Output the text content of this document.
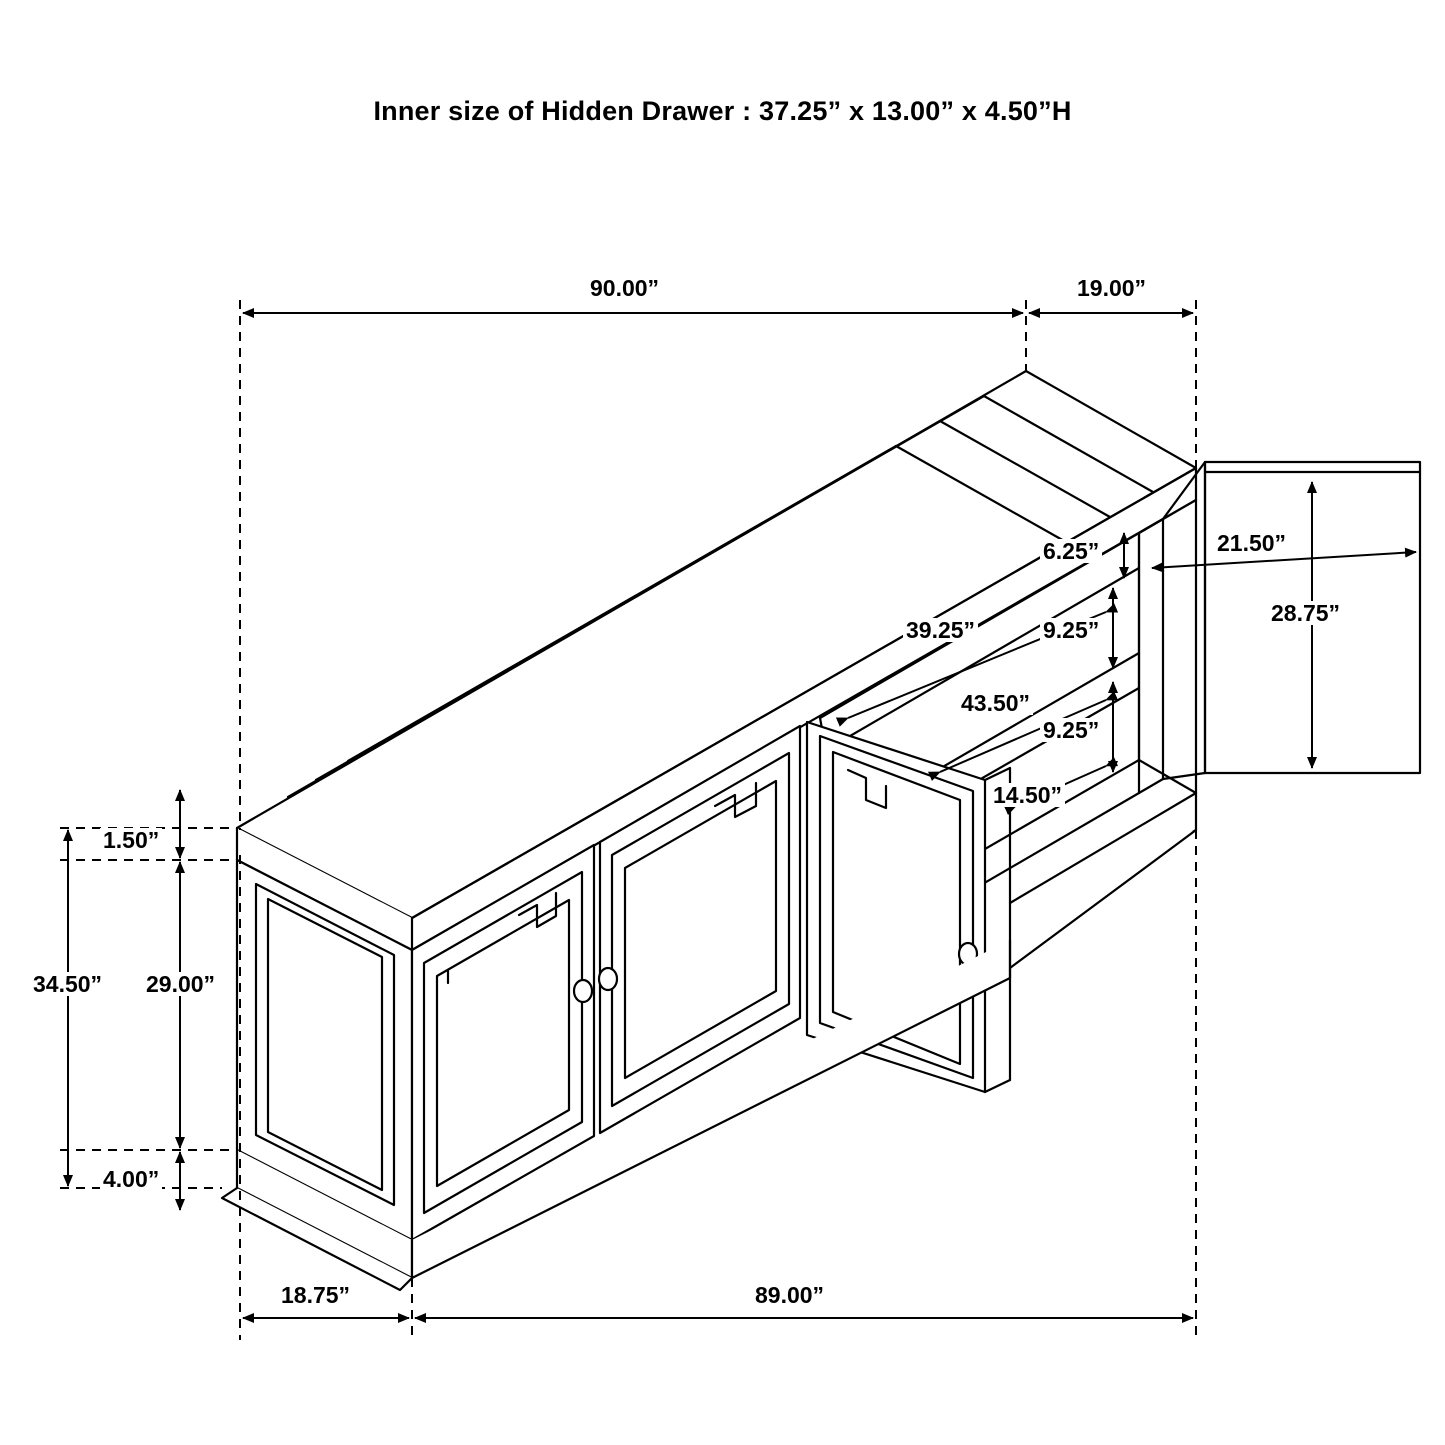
Inner size of Hidden Drawer : 37.25” x 13.00” x 4.50”H
90.00”	19.00”
6.25”	21.50”
28.75”
39.25”	9.25”
43.50”
9.25”
14.50”
1.50”
29.00”
34.50”
4.00”
18.75”	89.00”
